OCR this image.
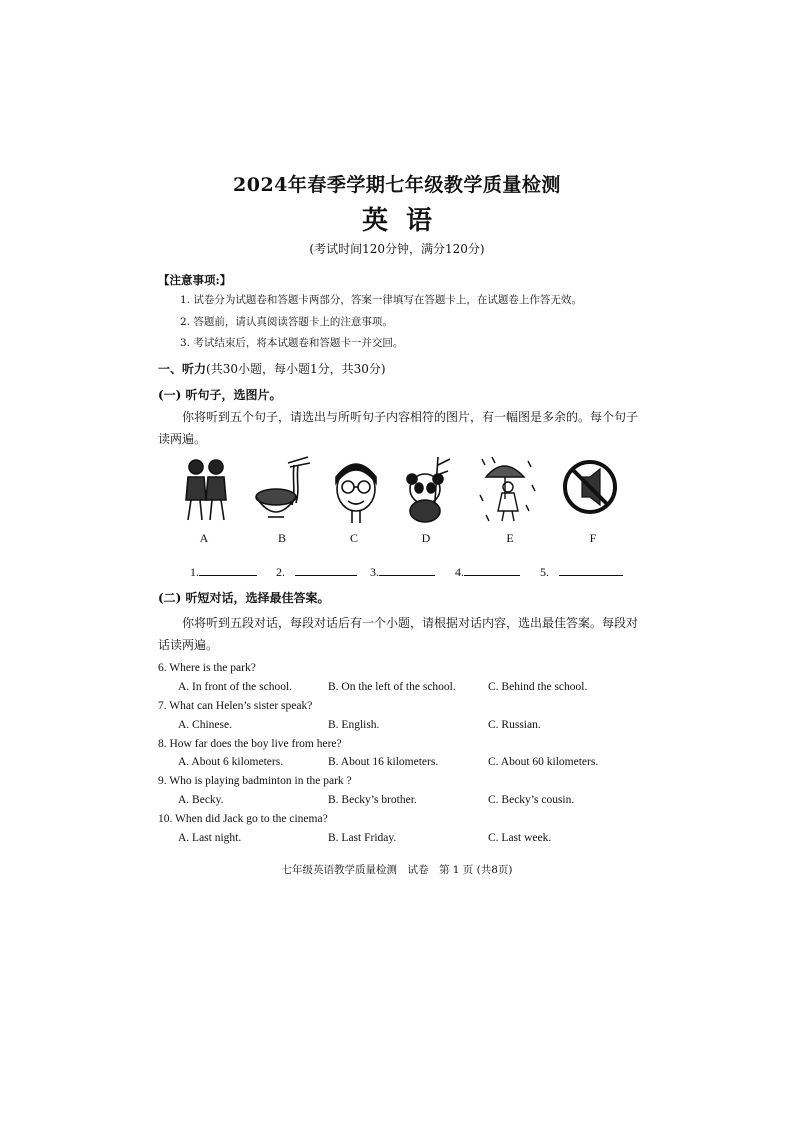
2024年春季学期七年级教学质量检测
英语
(考试时间120分钟，满分120分)
【注意事项:】
1. 试卷分为试题卷和答题卡两部分，答案一律填写在答题卡上，在试题卷上作答无效。
2. 答题前，请认真阅读答题卡上的注意事项。
3. 考试结束后，将本试题卷和答题卡一并交回。
一、听力(共30小题，每小题1分，共30分)
(一) 听句子，选图片。
你将听到五个句子，请选出与所听句子内容相符的图片，有一幅图是多余的。每个句子读两遍。
A	B	C	D	E	F
1.	2.	3.	4.	5.
(二) 听短对话，选择最佳答案。
你将听到五段对话，每段对话后有一个小题，请根据对话内容，选出最佳答案。每段对话读两遍。
6. Where is the park?
A. In front of the school.	B. On the left of the school.	C. Behind the school.
7. What can Helen’s sister speak?
A. Chinese.	B. English.	C. Russian.
8. How far does the boy live from here?
A. About 6 kilometers.	B. About 16 kilometers.	C. About 60 kilometers.
9. Who is playing badminton in the park ?
A. Becky.	B. Becky’s brother.	C. Becky’s cousin.
10. When did Jack go to the cinema?
A. Last night.	B. Last Friday.	C. Last week.
七年级英语教学质量检测　试卷　第 1 页 (共8页)
